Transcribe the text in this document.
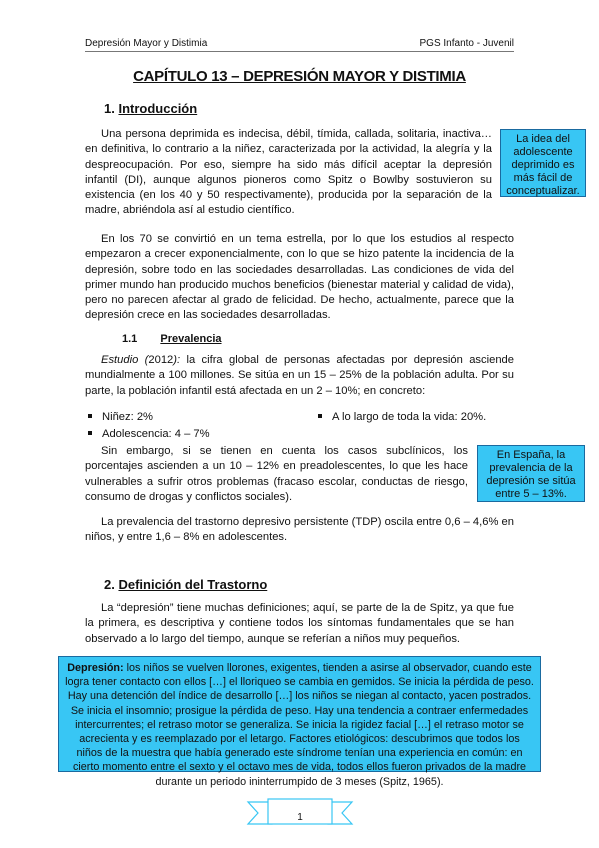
Depresión Mayor y Distimia	PGS Infanto - Juvenil
CAPÍTULO 13 – DEPRESIÓN MAYOR Y DISTIMIA
1. Introducción
Una persona deprimida es indecisa, débil, tímida, callada, solitaria, inactiva… en definitiva, lo contrario a la niñez, caracterizada por la actividad, la alegría y la despreocupación. Por eso, siempre ha sido más difícil aceptar la depresión infantil (DI), aunque algunos pioneros como Spitz o Bowlby sostuvieron su existencia (en los 40 y 50 respectivamente), producida por la separación de la madre, abriéndola así al estudio científico.
La idea del adolescente deprimido es más fácil de conceptualizar.
En los 70 se convirtió en un tema estrella, por lo que los estudios al respecto empezaron a crecer exponencialmente, con lo que se hizo patente la incidencia de la depresión, sobre todo en las sociedades desarrolladas. Las condiciones de vida del primer mundo han producido muchos beneficios (bienestar material y calidad de vida), pero no parecen afectar al grado de felicidad. De hecho, actualmente, parece que la depresión crece en las sociedades desarrolladas.
1.1 Prevalencia
Estudio (2012): la cifra global de personas afectadas por depresión asciende mundialmente a 100 millones. Se sitúa en un 15 – 25% de la población adulta. Por su parte, la población infantil está afectada en un 2 – 10%; en concreto:
Niñez: 2%	A lo largo de toda la vida: 20%.
Adolescencia: 4 – 7%
Sin embargo, si se tienen en cuenta los casos subclínicos, los porcentajes ascienden a un 10 – 12% en preadolescentes, lo que les hace vulnerables a sufrir otros problemas (fracaso escolar, conductas de riesgo, consumo de drogas y conflictos sociales).
En España, la prevalencia de la depresión se sitúa entre 5 – 13%.
La prevalencia del trastorno depresivo persistente (TDP) oscila entre 0,6 – 4,6% en niños, y entre 1,6 – 8% en adolescentes.
2. Definición del Trastorno
La “depresión” tiene muchas definiciones; aquí, se parte de la de Spitz, ya que fue la primera, es descriptiva y contiene todos los síntomas fundamentales que se han observado a lo largo del tiempo, aunque se referían a niños muy pequeños.
Depresión: los niños se vuelven llorones, exigentes, tienden a asirse al observador, cuando este logra tener contacto con ellos […] el lloriqueo se cambia en gemidos. Se inicia la pérdida de peso. Hay una detención del índice de desarrollo […] los niños se niegan al contacto, yacen postrados. Se inicia el insomnio; prosigue la pérdida de peso. Hay una tendencia a contraer enfermedades intercurrentes; el retraso motor se generaliza. Se inicia la rigidez facial […] el retraso motor se acrecienta y es reemplazado por el letargo. Factores etiológicos: descubrimos que todos los niños de la muestra que había generado este síndrome tenían una experiencia en común: en cierto momento entre el sexto y el octavo mes de vida, todos ellos fueron privados de la madre durante un periodo ininterrumpido de 3 meses (Spitz, 1965).
1
